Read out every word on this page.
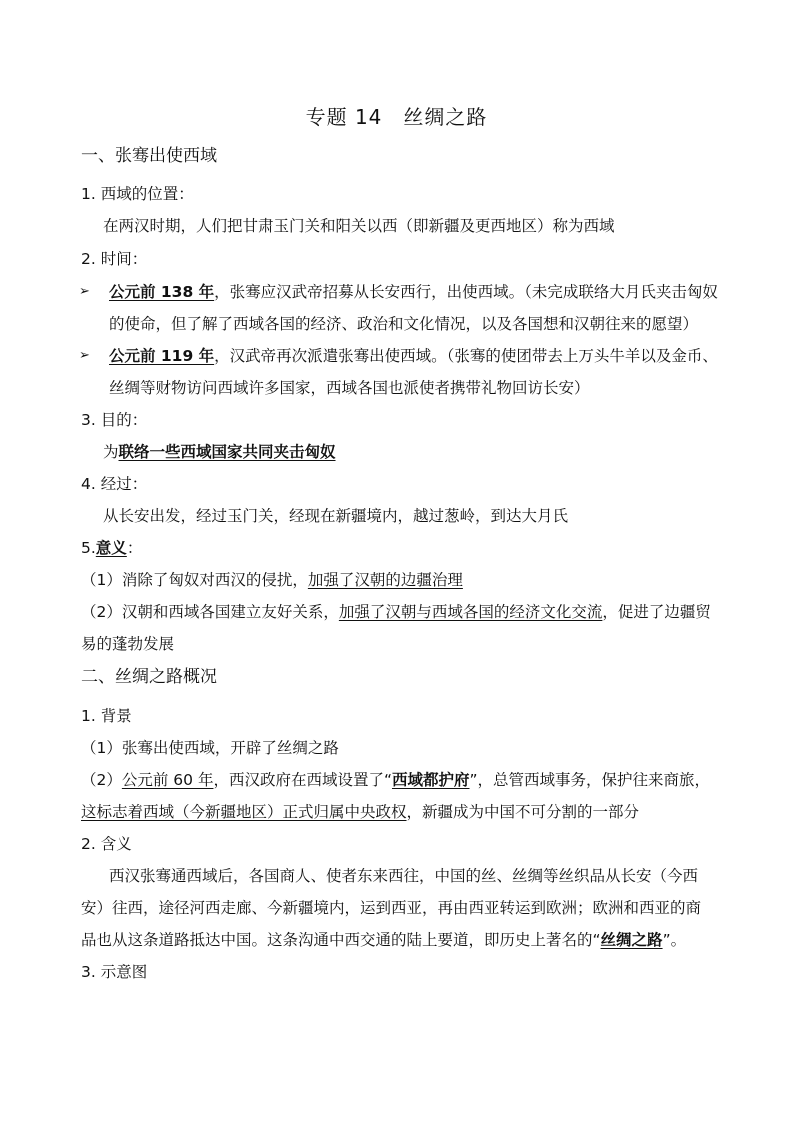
专题 14　丝绸之路
一、张骞出使西域
1. 西域的位置：
在两汉时期，人们把甘肃玉门关和阳关以西（即新疆及更西地区）称为西域
2. 时间：
➢ 公元前 138 年，张骞应汉武帝招募从长安西行，出使西域。（未完成联络大月氏夹击匈奴
的使命，但了解了西域各国的经济、政治和文化情况，以及各国想和汉朝往来的愿望）
➢ 公元前 119 年，汉武帝再次派遣张骞出使西域。（张骞的使团带去上万头牛羊以及金币、
丝绸等财物访问西域许多国家，西域各国也派使者携带礼物回访长安）
3. 目的：
为联络一些西域国家共同夹击匈奴
4. 经过：
从长安出发，经过玉门关，经现在新疆境内，越过葱岭，到达大月氏
5.意义：
（1）消除了匈奴对西汉的侵扰，加强了汉朝的边疆治理
（2）汉朝和西域各国建立友好关系，加强了汉朝与西域各国的经济文化交流，促进了边疆贸
易的蓬勃发展
二、丝绸之路概况
1. 背景
（1）张骞出使西域，开辟了丝绸之路
（2）公元前 60 年，西汉政府在西域设置了“西域都护府”，总管西域事务，保护往来商旅，
这标志着西域（今新疆地区）正式归属中央政权，新疆成为中国不可分割的一部分
2. 含义
西汉张骞通西域后，各国商人、使者东来西往，中国的丝、丝绸等丝织品从长安（今西
安）往西，途径河西走廊、今新疆境内，运到西亚，再由西亚转运到欧洲；欧洲和西亚的商
品也从这条道路抵达中国。这条沟通中西交通的陆上要道，即历史上著名的“丝绸之路”。
3. 示意图
